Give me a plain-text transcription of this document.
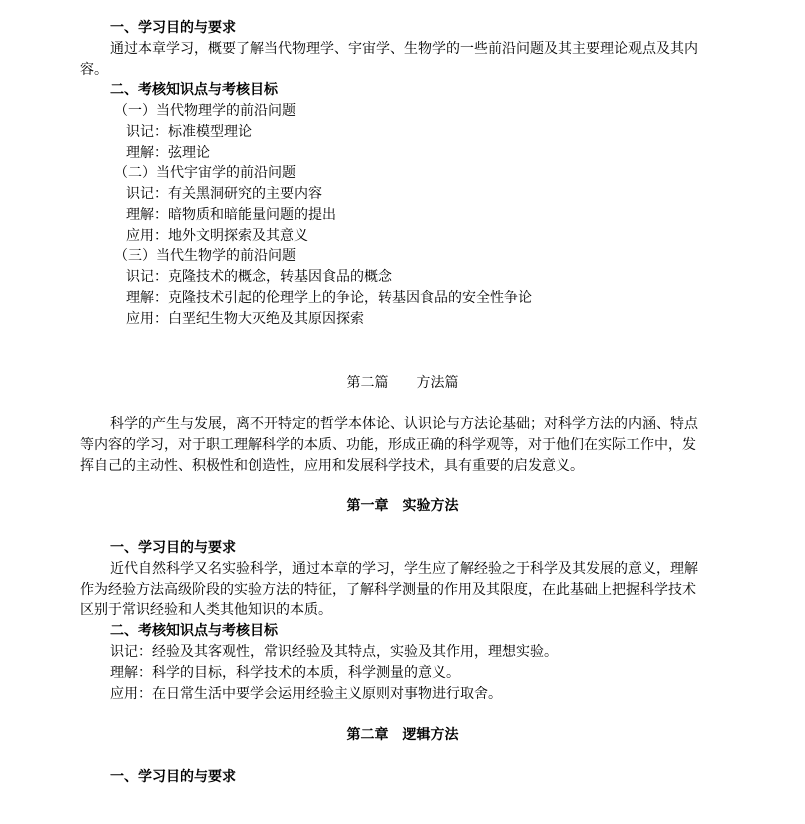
一、学习目的与要求
通过本章学习，概要了解当代物理学、宇宙学、生物学的一些前沿问题及其主要理论观点及其内
容。
二、考核知识点与考核目标
（一）当代物理学的前沿问题
识记：标准模型理论
理解：弦理论
（二）当代宇宙学的前沿问题
识记：有关黑洞研究的主要内容
理解：暗物质和暗能量问题的提出
应用：地外文明探索及其意义
（三）当代生物学的前沿问题
识记：克隆技术的概念，转基因食品的概念
理解：克隆技术引起的伦理学上的争论，转基因食品的安全性争论
应用：白垩纪生物大灭绝及其原因探索
第二篇　　方法篇
科学的产生与发展，离不开特定的哲学本体论、认识论与方法论基础；对科学方法的内涵、特点
等内容的学习，对于职工理解科学的本质、功能，形成正确的科学观等，对于他们在实际工作中，发
挥自己的主动性、积极性和创造性，应用和发展科学技术，具有重要的启发意义。
第一章　实验方法
一、学习目的与要求
近代自然科学又名实验科学，通过本章的学习，学生应了解经验之于科学及其发展的意义，理解
作为经验方法高级阶段的实验方法的特征，了解科学测量的作用及其限度，在此基础上把握科学技术
区别于常识经验和人类其他知识的本质。
二、考核知识点与考核目标
识记：经验及其客观性，常识经验及其特点，实验及其作用，理想实验。
理解：科学的目标，科学技术的本质，科学测量的意义。
应用：在日常生活中要学会运用经验主义原则对事物进行取舍。
第二章　逻辑方法
一、学习目的与要求
